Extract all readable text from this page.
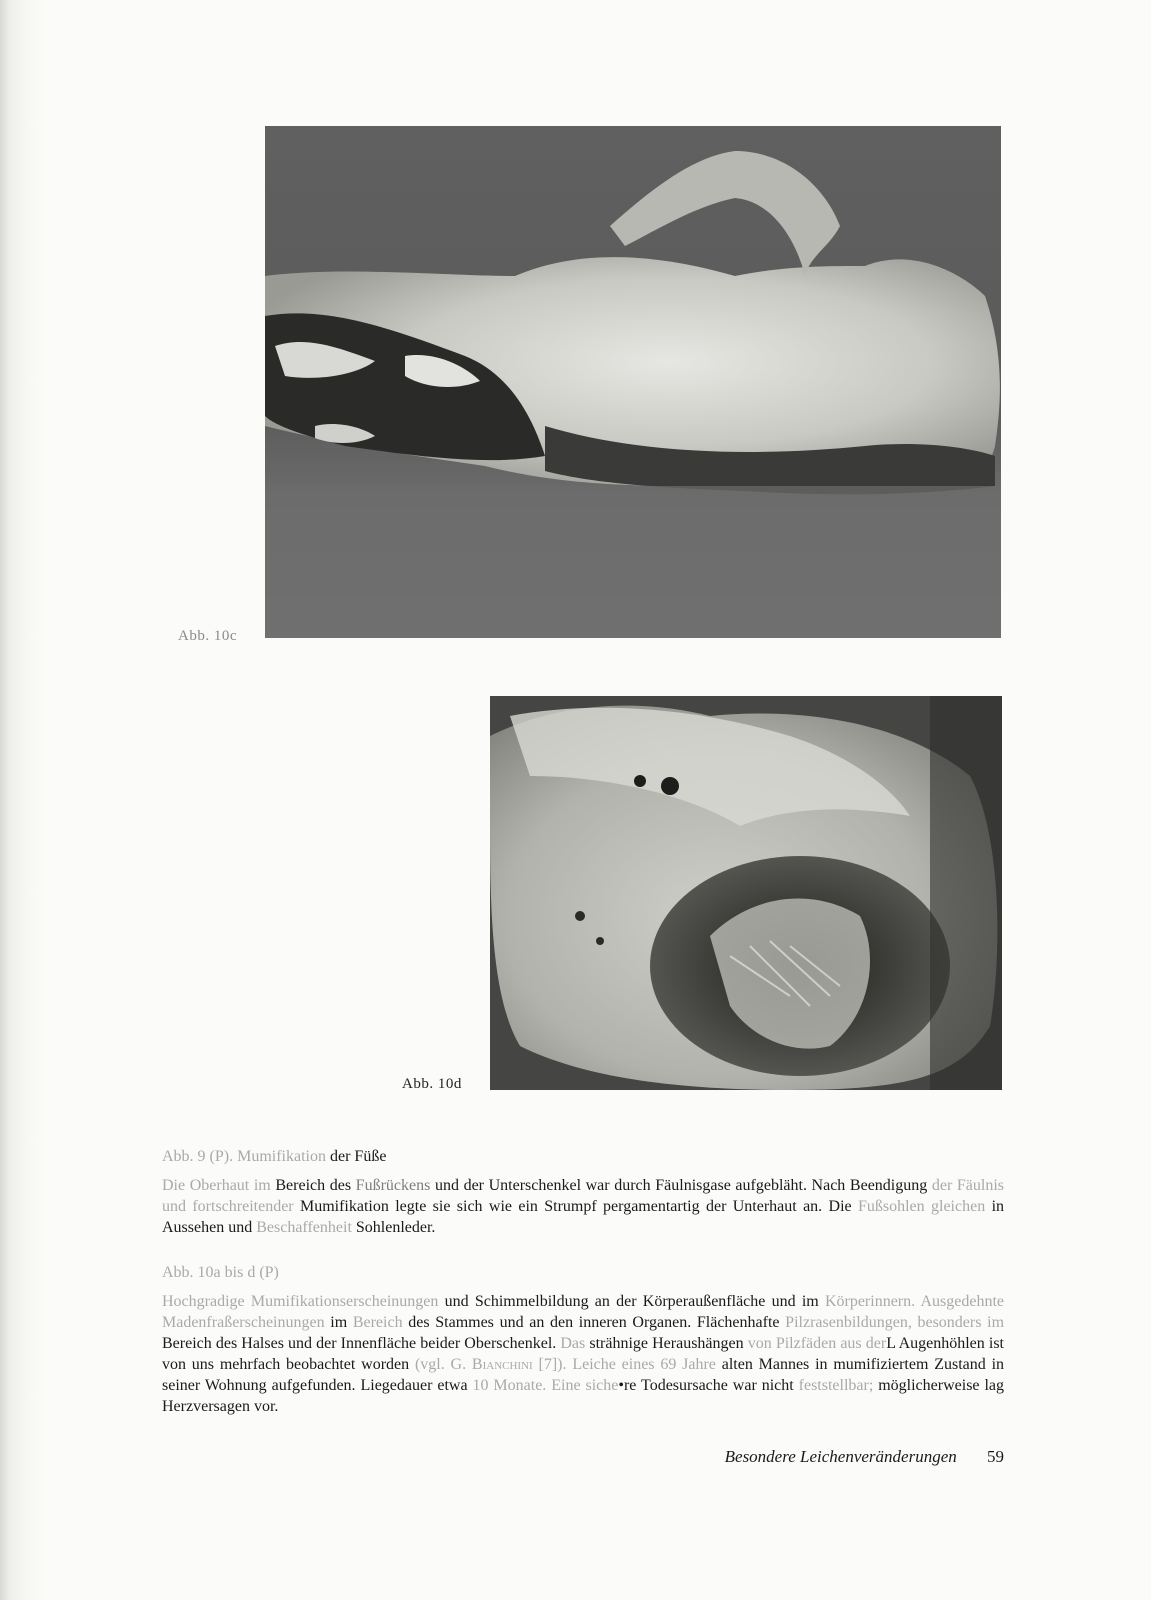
Abb. 10c
Abb. 10d
Abb. 9 (P). Mumifikation der Füße
Die Oberhaut im Bereich des Fußrückens und der Unterschenkel war durch Fäulnisgase aufgebläht. Nach Beendigung der Fäulnis und fortschreitender Mumifikation legte sie sich wie ein Strumpf pergamentartig der Unterhaut an. Die Fußsohlen gleichen in Aussehen und Beschaffenheit Sohlenleder.
Abb. 10a bis d (P)
Hochgradige Mumifikationserscheinungen und Schimmelbildung an der Körperaußenfläche und im Körperinnern. Ausgedehnte Madenfraßerscheinungen im Bereich des Stammes und an den inneren Organen. Flächenhafte Pilzrasenbildungen, besonders im Bereich des Halses und der Innenfläche beider Oberschenkel. Das strähnige Heraushängen von Pilzfäden aus derL Augenhöhlen ist von uns mehrfach beobachtet worden (vgl. G. Bianchini [7]). Leiche eines 69 Jahre alten Mannes in mumifiziertem Zustand in seiner Wohnung aufgefunden. Liegedauer etwa 10 Monate. Eine siche•re Todesursache war nicht feststellbar; möglicherweise lag Herzversagen vor.
Besondere Leichenveränderungen 59
